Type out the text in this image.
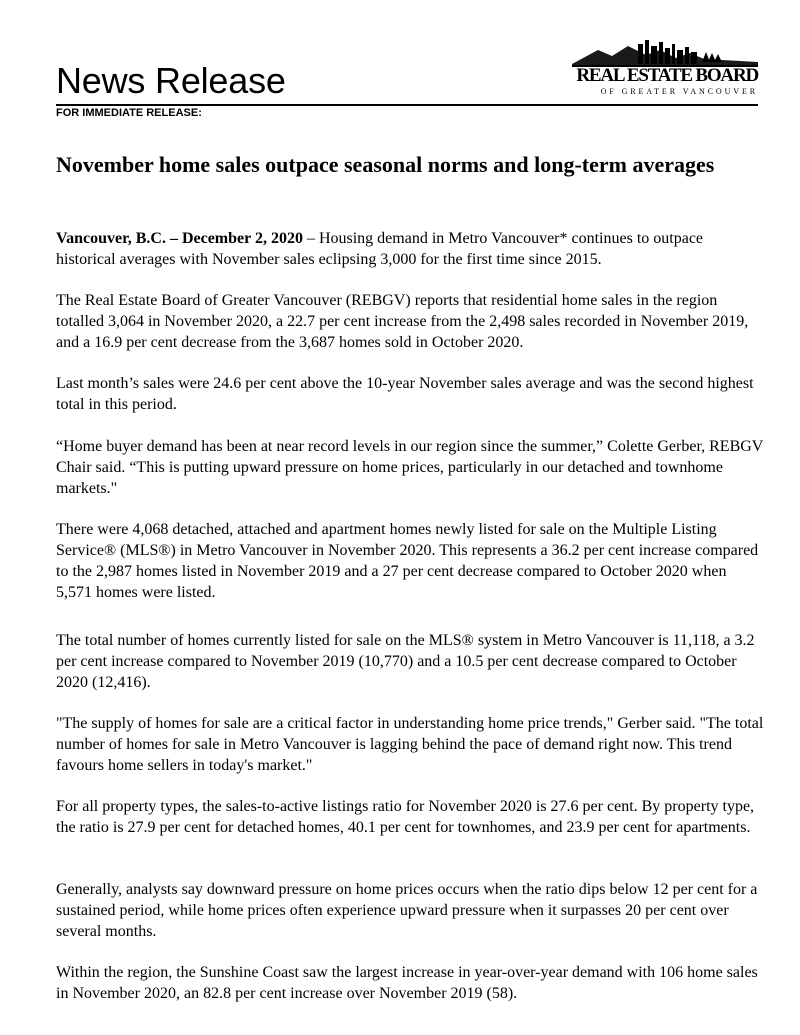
News Release	REAL ESTATE BOARD
OF GREATER VANCOUVER
FOR IMMEDIATE RELEASE:
November home sales outpace seasonal norms and long-term averages

Vancouver, B.C. – December 2, 2020 – Housing demand in Metro Vancouver* continues to outpace historical averages with November sales eclipsing 3,000 for the first time since 2015.

The Real Estate Board of Greater Vancouver (REBGV) reports that residential home sales in the region totalled 3,064 in November 2020, a 22.7 per cent increase from the 2,498 sales recorded in November 2019, and a 16.9 per cent decrease from the 3,687 homes sold in October 2020.

Last month’s sales were 24.6 per cent above the 10-year November sales average and was the second highest total in this period.

“Home buyer demand has been at near record levels in our region since the summer,” Colette Gerber, REBGV Chair said. “This is putting upward pressure on home prices, particularly in our detached and townhome markets."

There were 4,068 detached, attached and apartment homes newly listed for sale on the Multiple Listing Service® (MLS®) in Metro Vancouver in November 2020. This represents a 36.2 per cent increase compared to the 2,987 homes listed in November 2019 and a 27 per cent decrease compared to October 2020 when 5,571 homes were listed.

The total number of homes currently listed for sale on the MLS® system in Metro Vancouver is 11,118, a 3.2 per cent increase compared to November 2019 (10,770) and a 10.5 per cent decrease compared to October 2020 (12,416).

"The supply of homes for sale are a critical factor in understanding home price trends," Gerber said. "The total number of homes for sale in Metro Vancouver is lagging behind the pace of demand right now. This trend favours home sellers in today's market."

For all property types, the sales-to-active listings ratio for November 2020 is 27.6 per cent. By property type, the ratio is 27.9 per cent for detached homes, 40.1 per cent for townhomes, and 23.9 per cent for apartments.

Generally, analysts say downward pressure on home prices occurs when the ratio dips below 12 per cent for a sustained period, while home prices often experience upward pressure when it surpasses 20 per cent over several months.

Within the region, the Sunshine Coast saw the largest increase in year-over-year demand with 106 home sales in November 2020, an 82.8 per cent increase over November 2019 (58).
